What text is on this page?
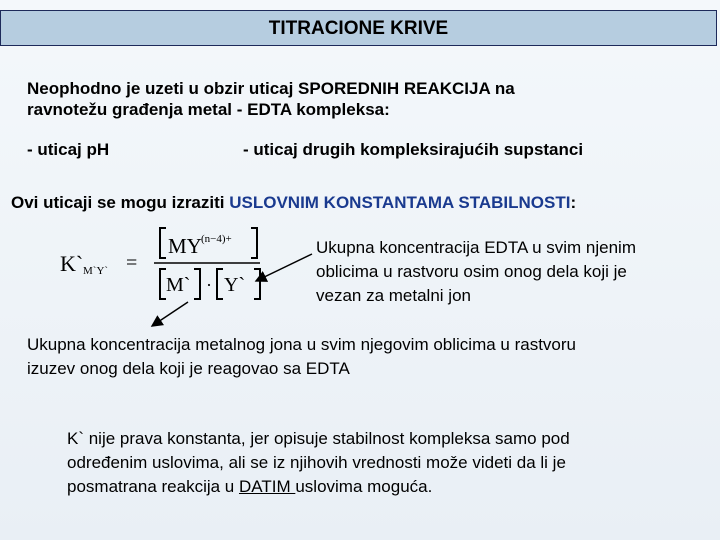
TITRACIONE KRIVE
Neophodno je uzeti u obzir uticaj SPOREDNIH REAKCIJA na
ravnotežu građenja metal - EDTA kompleksa:
- uticaj pH	- uticaj drugih kompleksirajućih supstanci
Ovi uticaji se mogu izraziti USLOVNIM KONSTANTAMA STABILNOSTI:
K` M`Y` =
MY (n−4)+
M` · Y`
Ukupna koncentracija EDTA u svim njenim
oblicima u rastvoru osim onog dela koji je
vezan za metalni jon
Ukupna koncentracija metalnog jona u svim njegovim oblicima u rastvoru
izuzev onog dela koji je reagovao sa EDTA
K` nije prava konstanta, jer opisuje stabilnost kompleksa samo pod
određenim uslovima, ali se iz njihovih vrednosti može videti da li je
posmatrana reakcija u DATIM uslovima moguća.
